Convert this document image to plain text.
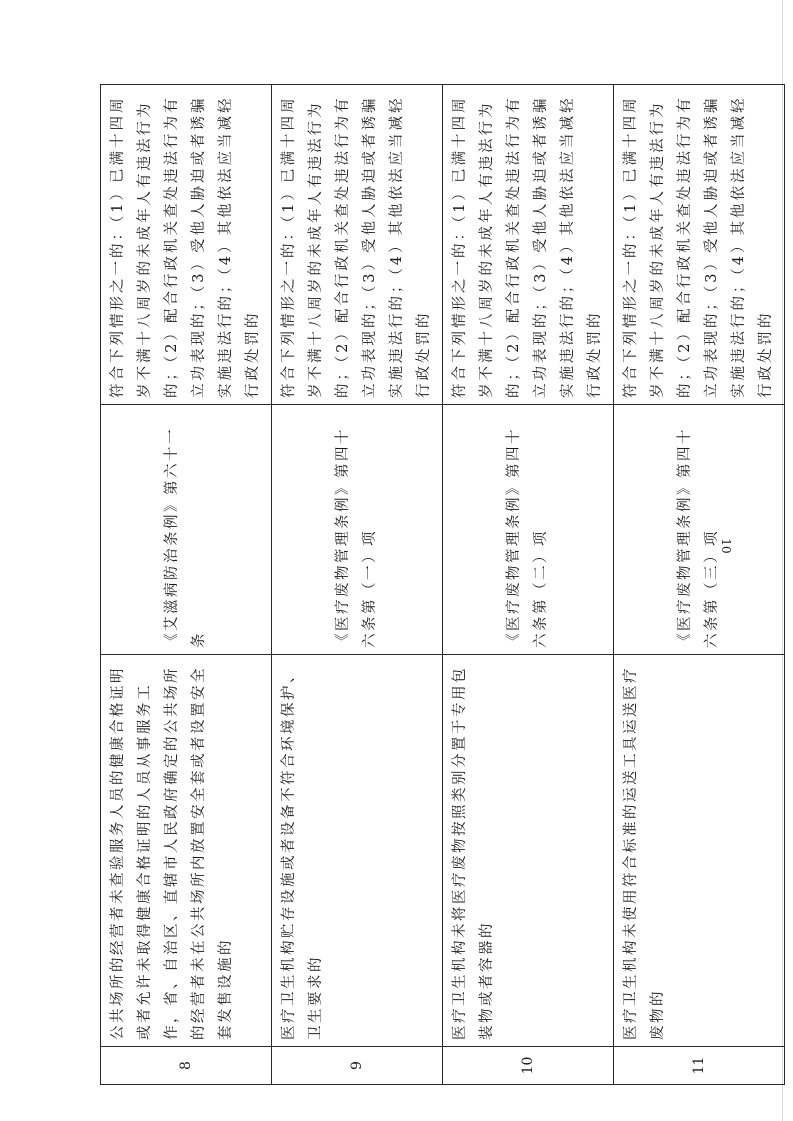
8	公共场所的经营者未查验服务人员的健康合格证明或者允许未取得健康合格证明的人员从事服务工作，省、自治区、直辖市人民政府确定的公共场所的经营者未在公共场所内放置安全套或者设置安全套发售设施的	《艾滋病防治条例》第六十一条	符合下列情形之一的：（1）已满十四周岁不满十八周岁的未成年人有违法行为的；（2）配合行政机关查处违法行为有立功表现的；（3）受他人胁迫或者诱骗实施违法行的；（4）其他依法应当减轻行政处罚的
9	医疗卫生机构贮存设施或者设备不符合环境保护、卫生要求的	《医疗废物管理条例》第四十六条第（一）项	符合下列情形之一的：（1）已满十四周岁不满十八周岁的未成年人有违法行为的；（2）配合行政机关查处违法行为有立功表现的；（3）受他人胁迫或者诱骗实施违法行的；（4）其他依法应当减轻行政处罚的
10	医疗卫生机构未将医疗废物按照类别分置于专用包装物或者容器的	《医疗废物管理条例》第四十六条第（二）项	符合下列情形之一的：（1）已满十四周岁不满十八周岁的未成年人有违法行为的；（2）配合行政机关查处违法行为有立功表现的；（3）受他人胁迫或者诱骗实施违法行的；（4）其他依法应当减轻行政处罚的
11	医疗卫生机构未使用符合标准的运送工具运送医疗废物的	《医疗废物管理条例》第四十六条第（三）项	符合下列情形之一的：（1）已满十四周岁不满十八周岁的未成年人有违法行为的；（2）配合行政机关查处违法行为有立功表现的；（3）受他人胁迫或者诱骗实施违法行的；（4）其他依法应当减轻行政处罚的
10
